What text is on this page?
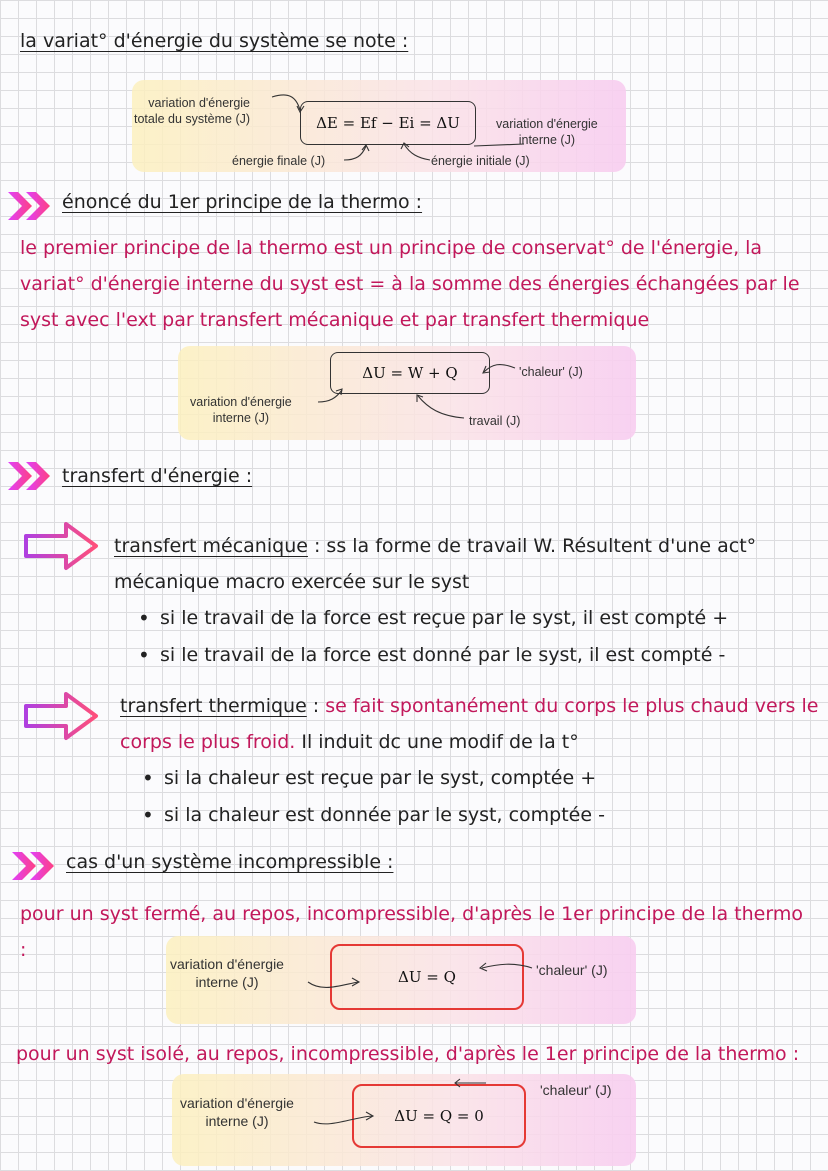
la variat° d'énergie du système se note :
variation d'énergie
totale du système (J)	ΔE = Ef − Ei = ΔU	variation d'énergie
interne (J)
énergie finale (J)	énergie initiale (J)
énoncé du 1er principe de la thermo :
le premier principe de la thermo est un principe de conservat° de l'énergie, la variat° d'énergie interne du syst est = à la somme des énergies échangées par le syst avec l'ext par transfert mécanique et par transfert thermique
variation d'énergie
interne (J)
ΔU = W + Q	'chaleur' (J)
travail (J)
transfert d'énergie :
transfert mécanique : ss la forme de travail W. Résultent d'une act° mécanique macro exercée sur le syst
• si le travail de la force est reçue par le syst, il est compté +
• si le travail de la force est donné par le syst, il est compté -
transfert thermique : se fait spontanément du corps le plus chaud vers le corps le plus froid. Il induit dc une modif de la t°
• si la chaleur est reçue par le syst, comptée +
• si la chaleur est donnée par le syst, comptée -
cas d'un système incompressible :
pour un syst fermé, au repos, incompressible, d'après le 1er principe de la thermo :
variation d'énergie
interne (J)	ΔU = Q	'chaleur' (J)
pour un syst isolé, au repos, incompressible, d'après le 1er principe de la thermo :
variation d'énergie
interne (J)	ΔU = Q = 0
'chaleur' (J)
